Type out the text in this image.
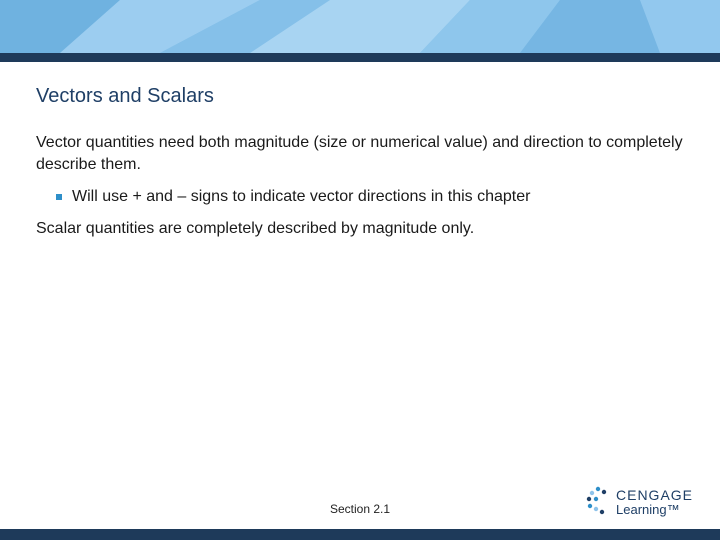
Vectors and Scalars

Vector quantities need both magnitude (size or numerical value) and direction to completely describe them.

Will use + and – signs to indicate vector directions in this chapter

Scalar quantities are completely described by magnitude only.

Section 2.1
CENGAGE
Learning™
